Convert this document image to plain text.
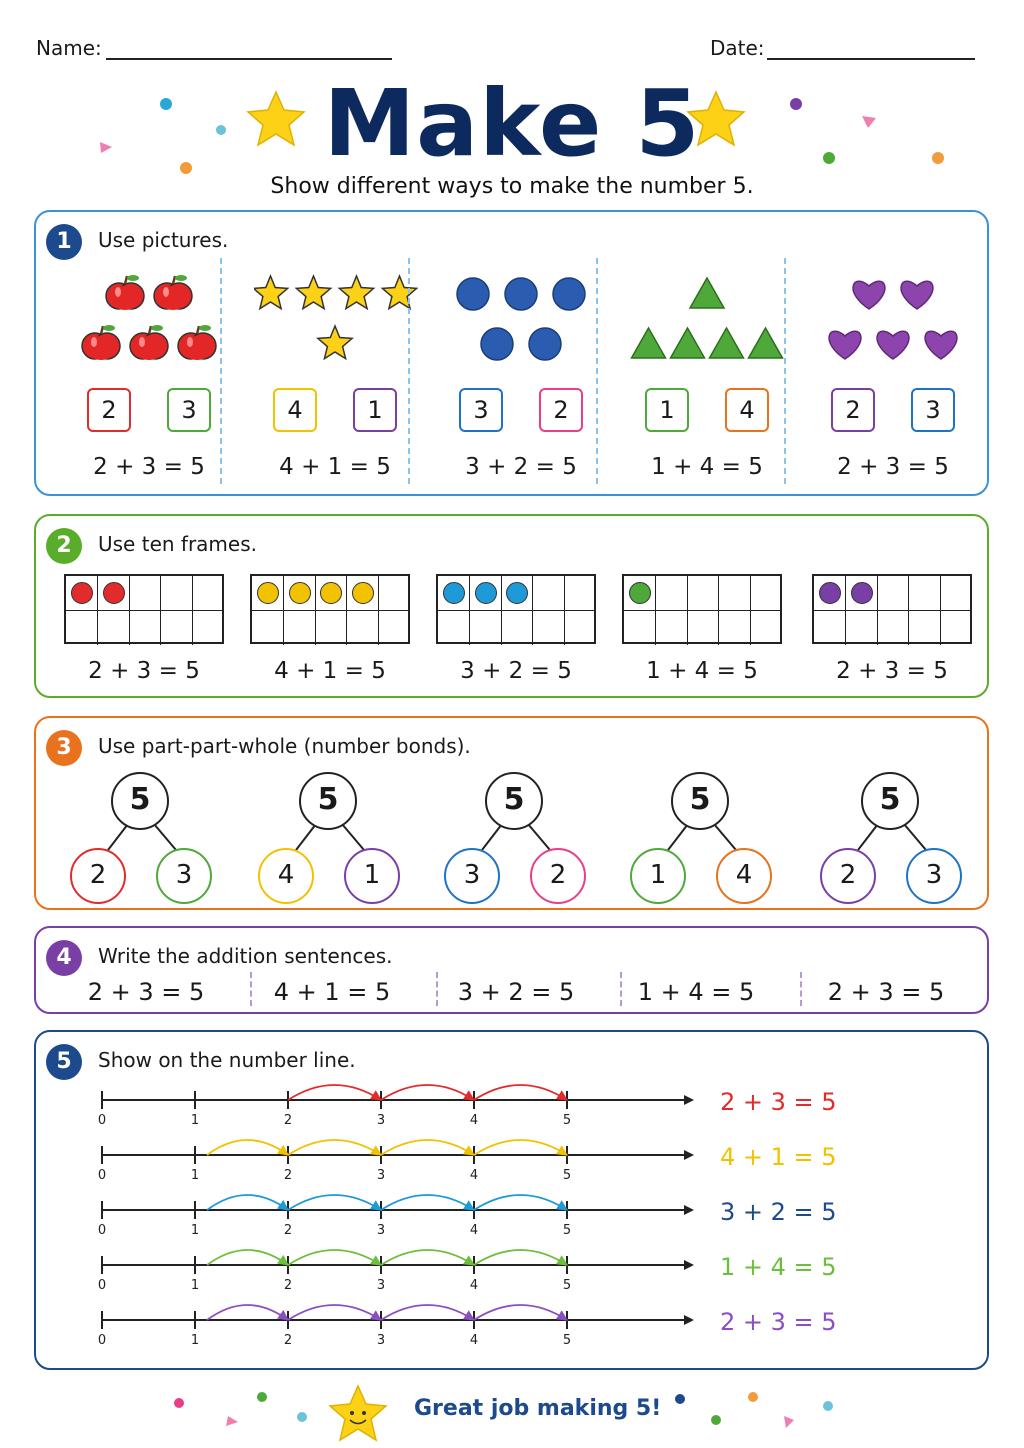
Name:	Date:
Make 5
Show different ways to make the number 5.
1	Use pictures.
2	3
2 + 3 = 5
4	1
4 + 1 = 5
3	2
3 + 2 = 5
1	4
1 + 4 = 5
2	3
2 + 3 = 5
2	Use ten frames.
2 + 3 = 5	4 + 1 = 5	3 + 2 = 5	1 + 4 = 5	2 + 3 = 5
3	Use part-part-whole (number bonds).
5
2	3
5
4	1
5
3	2
5
1	4
5
2	3
4	Write the addition sentences.
2 + 3 = 5	4 + 1 = 5	3 + 2 = 5	1 + 4 = 5	2 + 3 = 5
5	Show on the number line.
0	1	2	3	4	5
2 + 3 = 5
0	1	2	3	4	5
4 + 1 = 5
0	1	2	3	4	5
3 + 2 = 5
0	1	2	3	4	5
1 + 4 = 5
0	1	2	3	4	5
2 + 3 = 5
Great job making 5!
